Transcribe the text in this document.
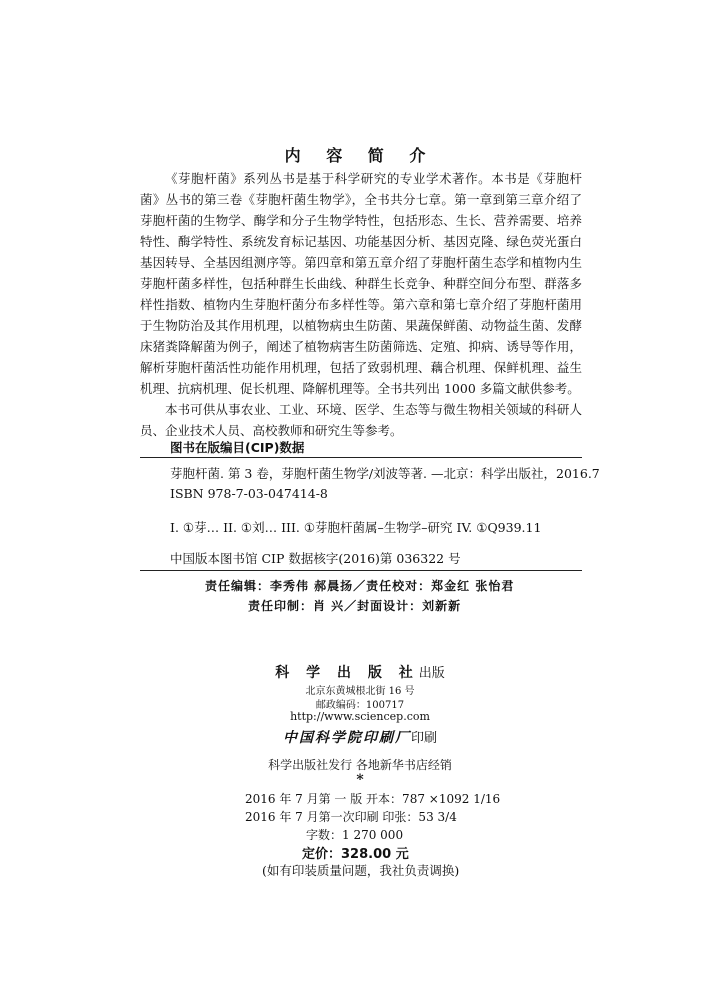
内 容 简 介

《芽胞杆菌》系列丛书是基于科学研究的专业学术著作。本书是《芽胞杆菌》丛书的第三卷《芽胞杆菌生物学》，全书共分七章。第一章到第三章介绍了芽胞杆菌的生物学、酶学和分子生物学特性，包括形态、生长、营养需要、培养特性、酶学特性、系统发育标记基因、功能基因分析、基因克隆、绿色荧光蛋白基因转导、全基因组测序等。第四章和第五章介绍了芽胞杆菌生态学和植物内生芽胞杆菌多样性，包括种群生长曲线、种群生长竞争、种群空间分布型、群落多样性指数、植物内生芽胞杆菌分布多样性等。第六章和第七章介绍了芽胞杆菌用于生物防治及其作用机理，以植物病虫生防菌、果蔬保鲜菌、动物益生菌、发酵床猪粪降解菌为例子，阐述了植物病害生防菌筛选、定殖、抑病、诱导等作用，解析芽胞杆菌活性功能作用机理，包括了致弱机理、藕合机理、保鲜机理、益生机理、抗病机理、促长机理、降解机理等。全书共列出 1000 多篇文献供参考。

本书可供从事农业、工业、环境、医学、生态等与微生物相关领域的科研人员、企业技术人员、高校教师和研究生等参考。

图书在版编目(CIP)数据
芽胞杆菌. 第 3 卷，芽胞杆菌生物学/刘波等著. —北京：科学出版社，2016.7
ISBN 978-7-03-047414-8
I. ①芽… II. ①刘… III. ①芽胞杆菌属–生物学–研究 IV. ①Q939.11
中国版本图书馆 CIP 数据核字(2016)第 036322 号
责任编辑：李秀伟 郝晨扬／责任校对：郑金红 张怡君
责任印制：肖 兴／封面设计：刘新新
科 学 出 版 社出版
北京东黄城根北街 16 号
邮政编码：100717
http://www.sciencep.com
中国科学院印刷厂印刷
科学出版社发行 各地新华书店经销
*
2016 年 7 月第 一 版 开本：787 ×1092 1/16
2016 年 7 月第一次印刷 印张：53 3/4
字数：1 270 000
定价：328.00 元
(如有印装质量问题，我社负责调换)
